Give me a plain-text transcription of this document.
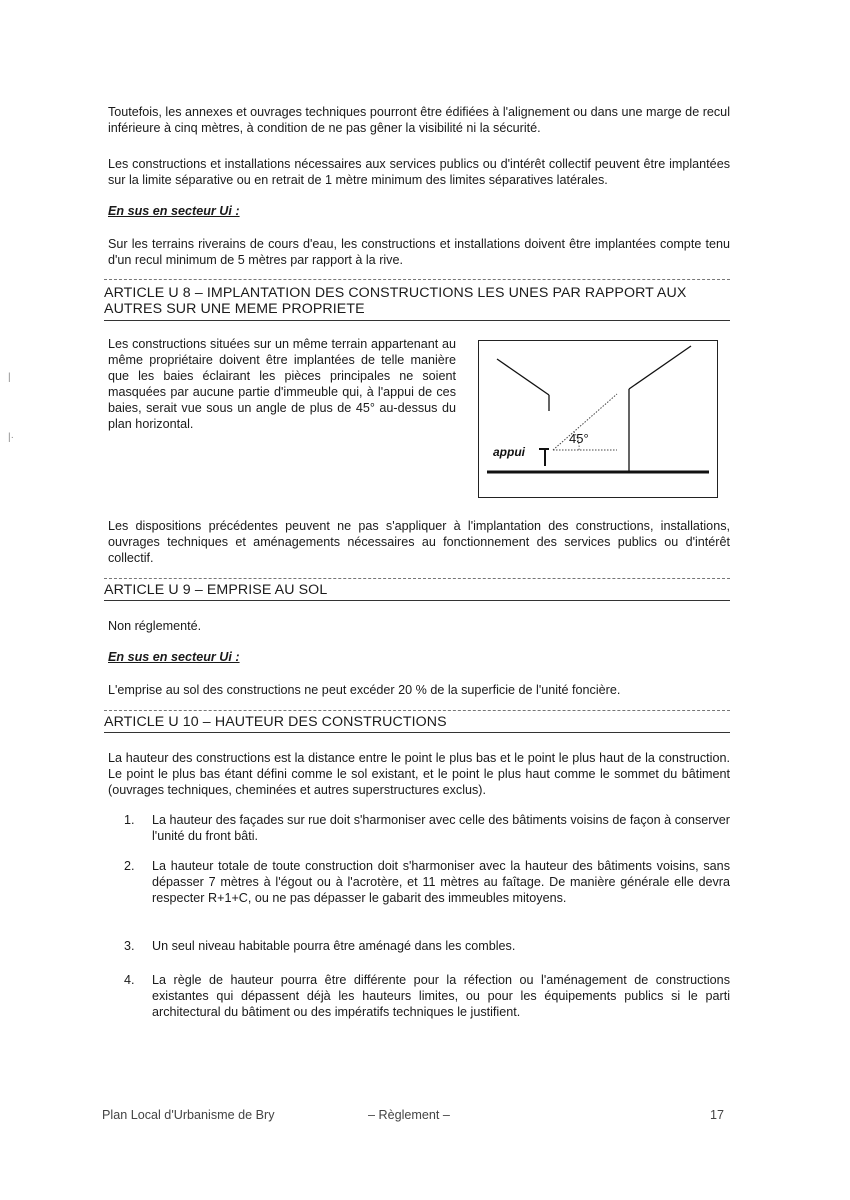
Toutefois, les annexes et ouvrages techniques pourront être édifiées à l'alignement ou dans une marge de recul inférieure à cinq mètres, à condition de ne pas gêner la visibilité ni la sécurité.

Les constructions et installations nécessaires aux services publics ou d'intérêt collectif peuvent être implantées sur la limite séparative ou en retrait de 1 mètre minimum des limites séparatives latérales.

En sus en secteur Ui :

Sur les terrains riverains de cours d'eau, les constructions et installations doivent être implantées compte tenu d'un recul minimum de 5 mètres par rapport à la rive.

ARTICLE U 8 – IMPLANTATION DES CONSTRUCTIONS LES UNES PAR RAPPORT AUX AUTRES SUR UNE MEME PROPRIETE

Les constructions situées sur un même terrain appartenant au même propriétaire doivent être implantées de telle manière que les baies éclairant les pièces principales ne soient masquées par aucune partie d'immeuble qui, à l'appui de ces baies, serait vue sous un angle de plus de 45° au-dessus du plan horizontal.

45°
appui

Les dispositions précédentes peuvent ne pas s'appliquer à l'implantation des constructions, installations, ouvrages techniques et aménagements nécessaires au fonctionnement des services publics ou d'intérêt collectif.

ARTICLE U 9 – EMPRISE AU SOL

Non réglementé.

En sus en secteur Ui :

L'emprise au sol des constructions ne peut excéder 20 % de la superficie de l'unité foncière.

ARTICLE U 10 – HAUTEUR DES CONSTRUCTIONS

La hauteur des constructions est la distance entre le point le plus bas et le point le plus haut de la construction. Le point le plus bas étant défini comme le sol existant, et le point le plus haut comme le sommet du bâtiment (ouvrages techniques, cheminées et autres superstructures exclus).

1.	La hauteur des façades sur rue doit s'harmoniser avec celle des bâtiments voisins de façon à conserver l'unité du front bâti.
2.	La hauteur totale de toute construction doit s'harmoniser avec la hauteur des bâtiments voisins, sans dépasser 7 mètres à l'égout ou à l'acrotère, et 11 mètres au faîtage. De manière générale elle devra respecter R+1+C, ou ne pas dépasser le gabarit des immeubles mitoyens.
3.	Un seul niveau habitable pourra être aménagé dans les combles.
4.	La règle de hauteur pourra être différente pour la réfection ou l'aménagement de constructions existantes qui dépassent déjà les hauteurs limites, ou pour les équipements publics si le parti architectural du bâtiment ou des impératifs techniques le justifient.
Plan Local d'Urbanisme de Bry	– Règlement –	17
|
|·
